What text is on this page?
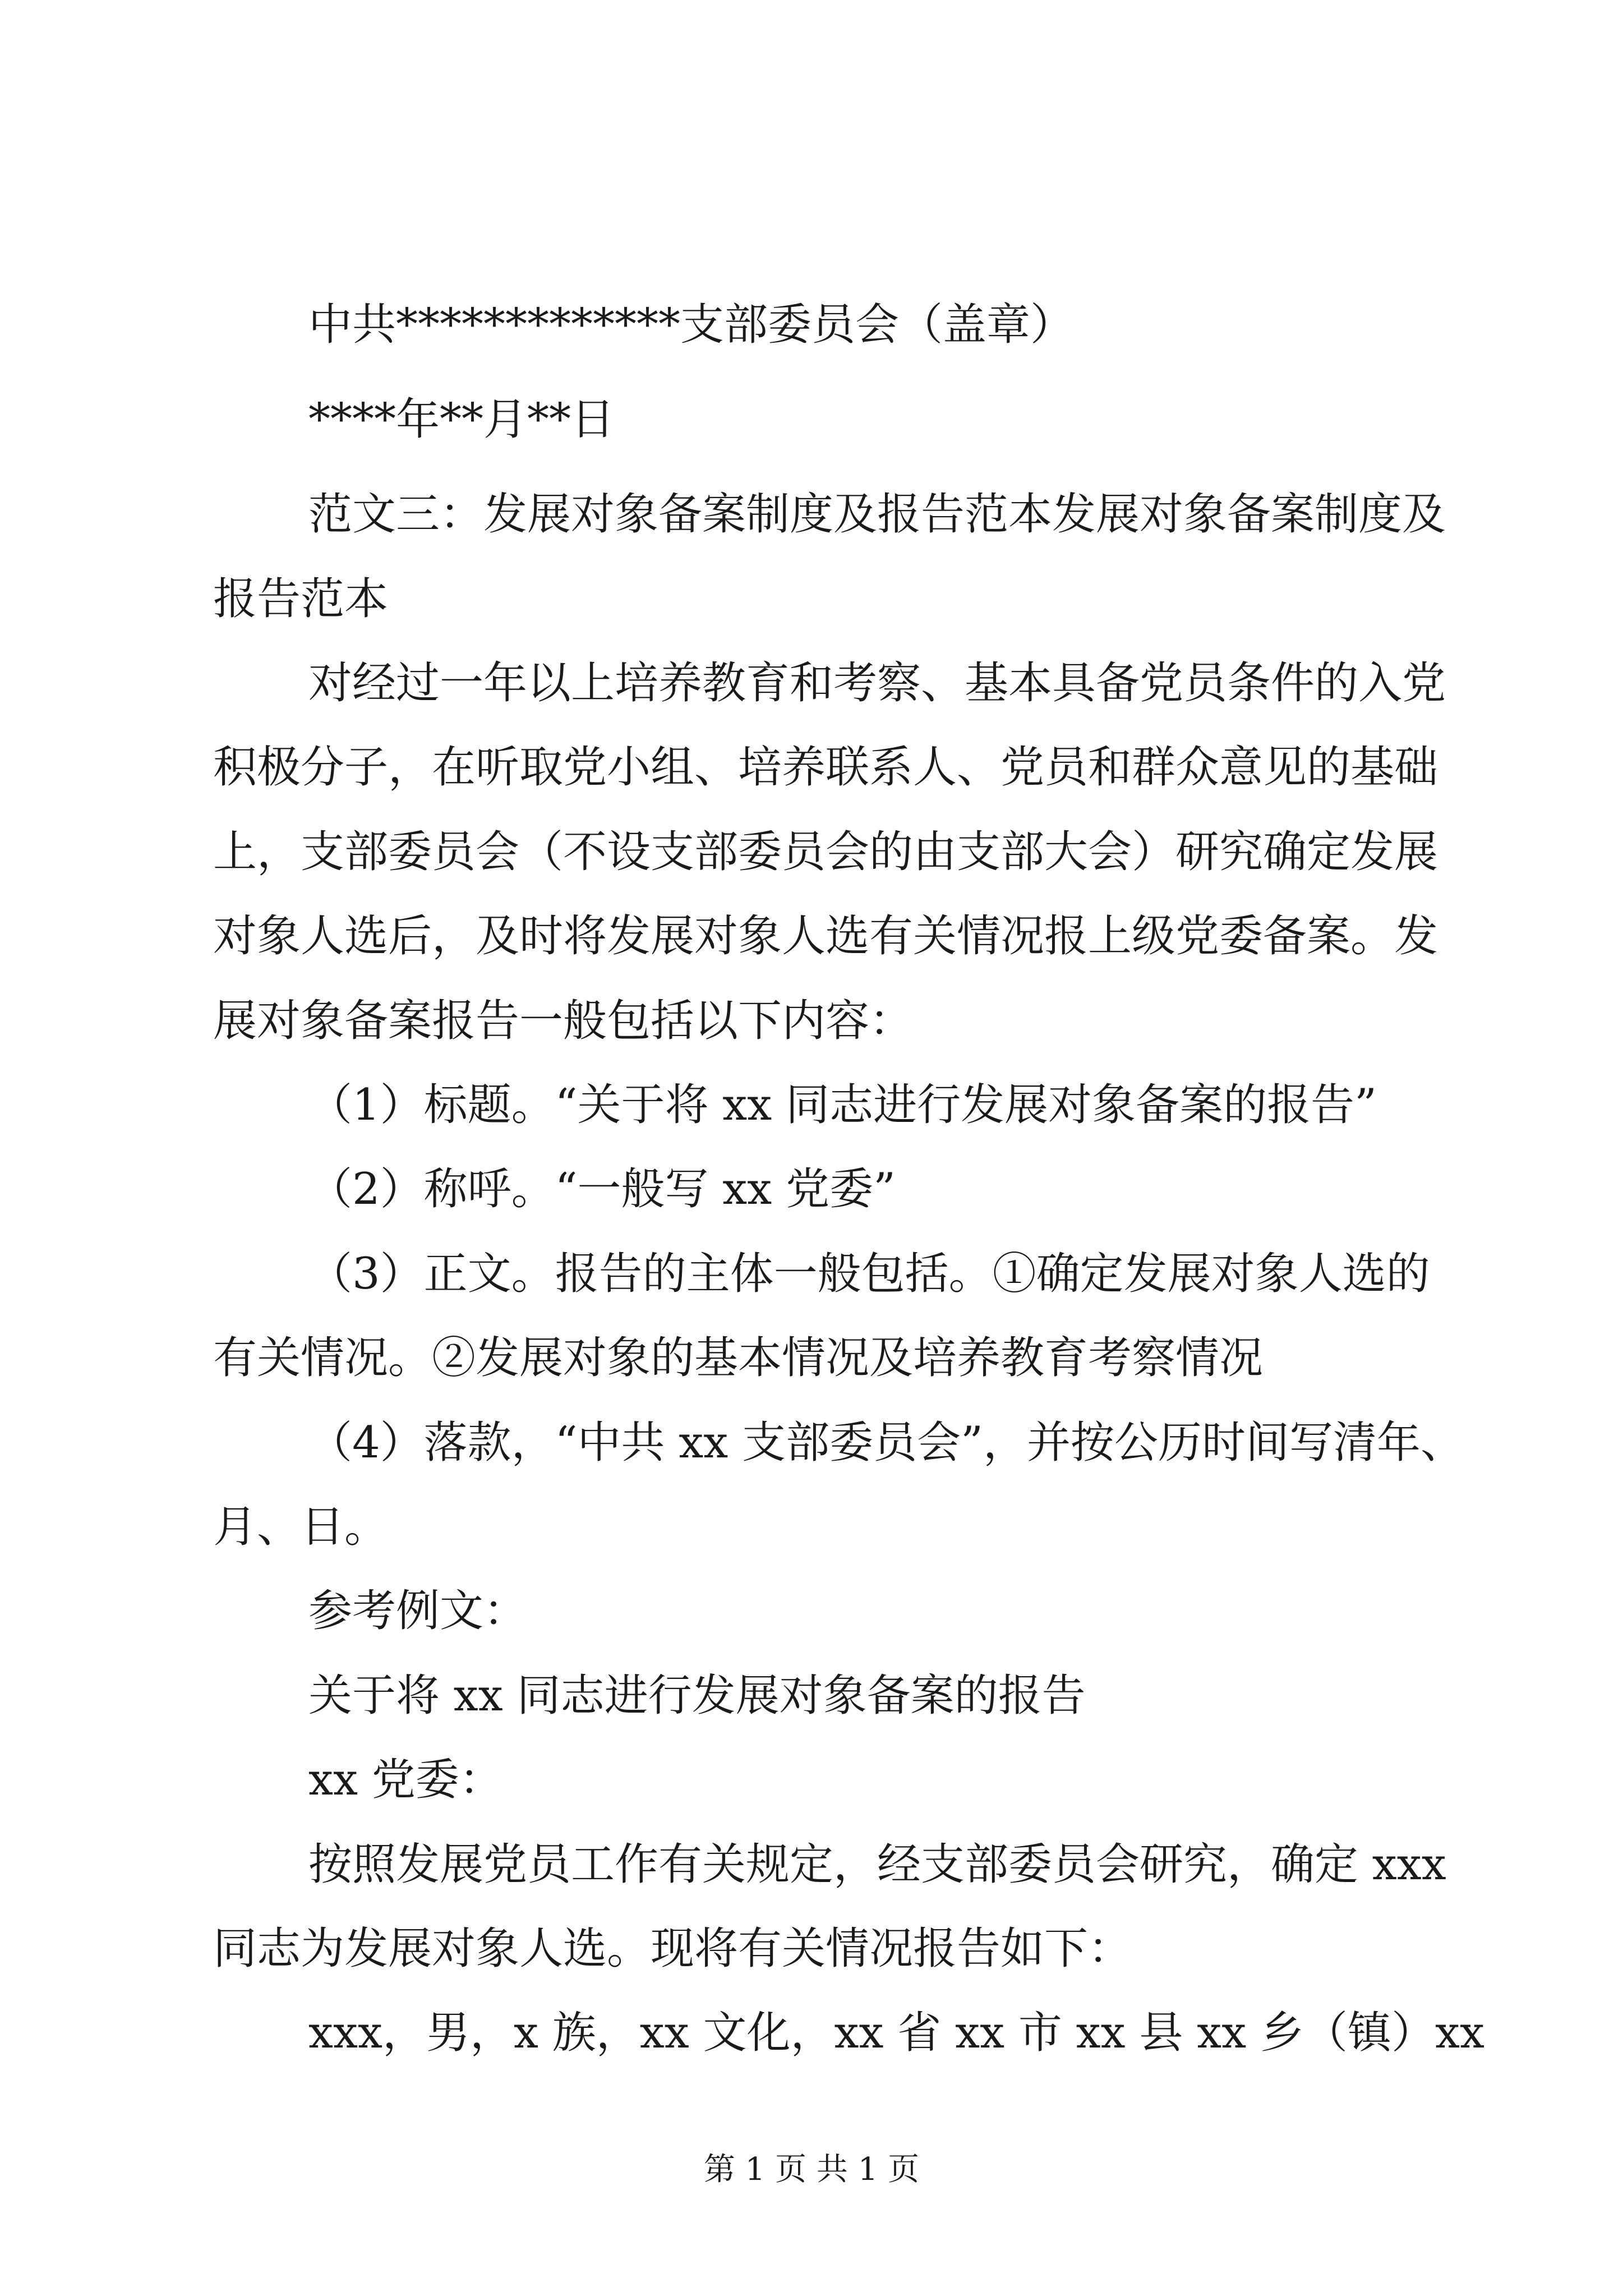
中共*************支部委员会（盖章）
****年**月**日
范文三：发展对象备案制度及报告范本发展对象备案制度及
报告范本
对经过一年以上培养教育和考察、基本具备党员条件的入党
积极分子，在听取党小组、培养联系人、党员和群众意见的基础
上，支部委员会（不设支部委员会的由支部大会）研究确定发展
对象人选后，及时将发展对象人选有关情况报上级党委备案。发
展对象备案报告一般包括以下内容：
（1）标题。“关于将 xx 同志进行发展对象备案的报告”
（2）称呼。“一般写 xx 党委”
（3）正文。报告的主体一般包括。①确定发展对象人选的
有关情况。②发展对象的基本情况及培养教育考察情况
（4）落款，“中共 xx 支部委员会”，并按公历时间写清年、
月、日。
参考例文：
关于将 xx 同志进行发展对象备案的报告
xx 党委：
按照发展党员工作有关规定，经支部委员会研究，确定 xxx
同志为发展对象人选。现将有关情况报告如下：
xxx，男，x 族，xx 文化，xx 省 xx 市 xx 县 xx 乡（镇）xx
第 1 页 共 1 页
